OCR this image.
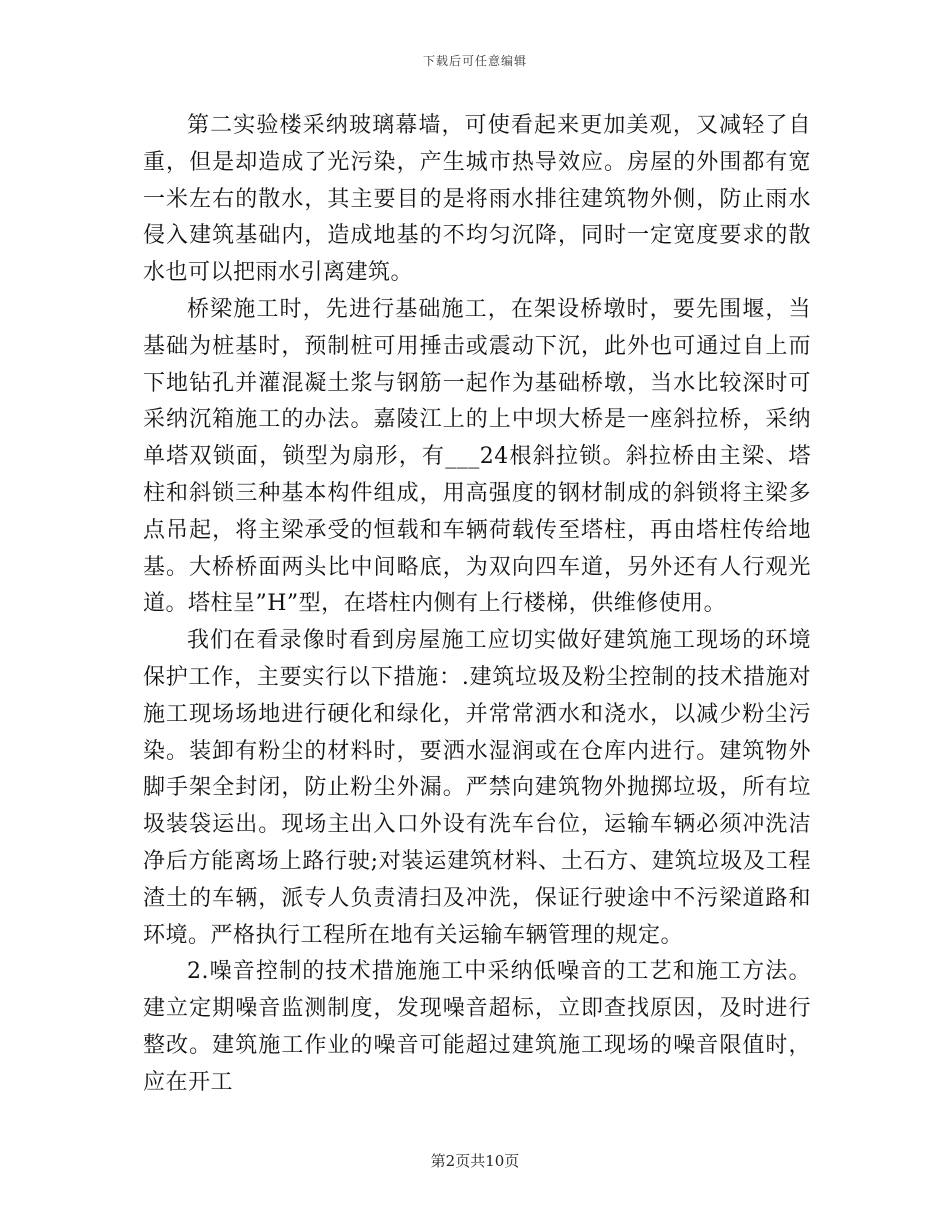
下载后可任意编辑

第二实验楼采纳玻璃幕墙，可使看起来更加美观，又减轻了自重，但是却造成了光污染，产生城市热导效应。房屋的外围都有宽一米左右的散水，其主要目的是将雨水排往建筑物外侧，防止雨水侵入建筑基础内，造成地基的不均匀沉降，同时一定宽度要求的散水也可以把雨水引离建筑。

桥梁施工时，先进行基础施工，在架设桥墩时，要先围堰，当基础为桩基时，预制桩可用捶击或震动下沉，此外也可通过自上而下地钻孔并灌混凝土浆与钢筋一起作为基础桥墩，当水比较深时可采纳沉箱施工的办法。嘉陵江上的上中坝大桥是一座斜拉桥，采纳单塔双锁面，锁型为扇形，有___24根斜拉锁。斜拉桥由主梁、塔柱和斜锁三种基本构件组成，用高强度的钢材制成的斜锁将主梁多点吊起，将主梁承受的恒载和车辆荷载传至塔柱，再由塔柱传给地基。大桥桥面两头比中间略底，为双向四车道，另外还有人行观光道。塔柱呈”H”型，在塔柱内侧有上行楼梯，供维修使用。

我们在看录像时看到房屋施工应切实做好建筑施工现场的环境保护工作，主要实行以下措施：.建筑垃圾及粉尘控制的技术措施对施工现场场地进行硬化和绿化，并常常洒水和浇水，以减少粉尘污染。装卸有粉尘的材料时，要洒水湿润或在仓库内进行。建筑物外脚手架全封闭，防止粉尘外漏。严禁向建筑物外抛掷垃圾，所有垃圾装袋运出。现场主出入口外设有洗车台位，运输车辆必须冲洗洁净后方能离场上路行驶;对装运建筑材料、土石方、建筑垃圾及工程渣土的车辆，派专人负责清扫及冲洗，保证行驶途中不污梁道路和环境。严格执行工程所在地有关运输车辆管理的规定。

2.噪音控制的技术措施施工中采纳低噪音的工艺和施工方法。建立定期噪音监测制度，发现噪音超标，立即查找原因，及时进行整改。建筑施工作业的噪音可能超过建筑施工现场的噪音限值时，应在开工

第2页共10页
